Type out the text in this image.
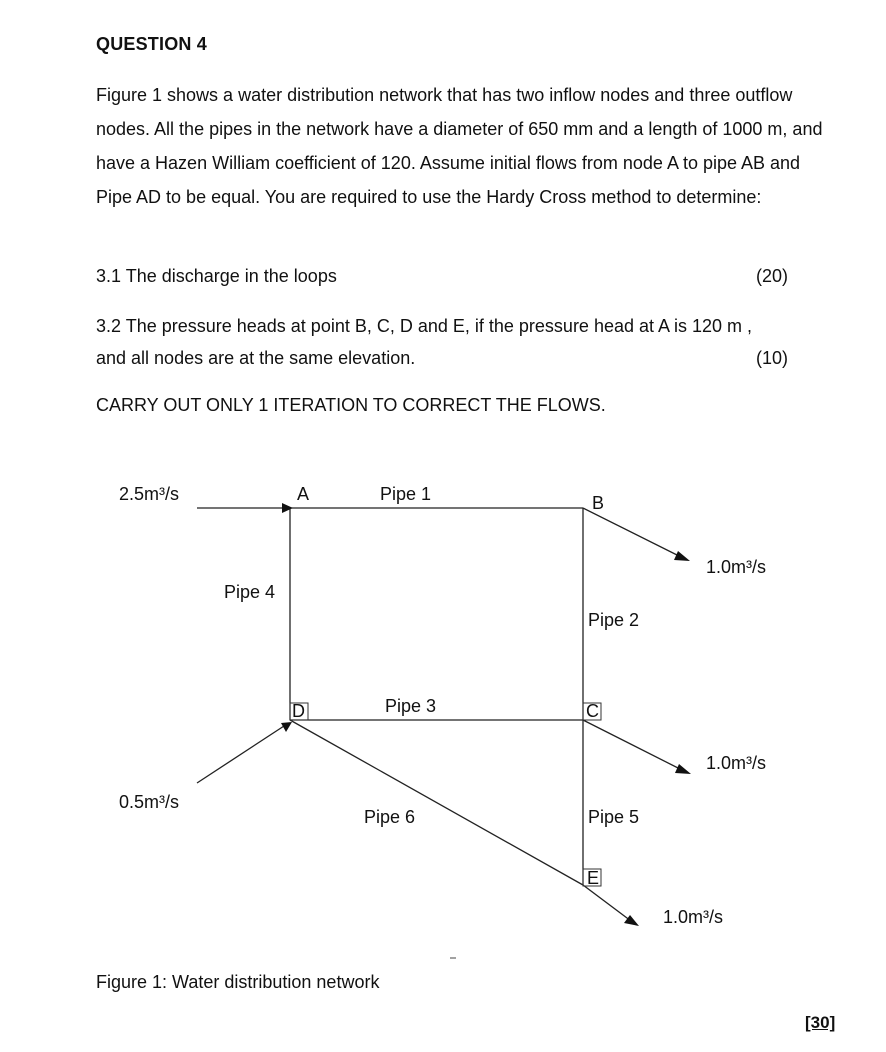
QUESTION 4
Figure 1 shows a water distribution network that has two inflow nodes and three outflow nodes. All the pipes in the network have a diameter of 650 mm and a length of 1000 m, and have a Hazen William coefficient of 120. Assume initial flows from node A to pipe AB and Pipe AD to be equal. You are required to use the Hardy Cross method to determine:
3.1 The discharge in the loops	(20)
3.2 The pressure heads at point B, C, D and E, if the pressure head at A is 120 m ,
and all nodes are at the same elevation.	(10)
CARRY OUT ONLY 1 ITERATION TO CORRECT THE FLOWS.
2.5m³/s	A	Pipe 1	B
1.0m³/s
Pipe 4
Pipe 2
D	Pipe 3	C
1.0m³/s
0.5m³/s
Pipe 6	Pipe 5
E
1.0m³/s
Figure 1: Water distribution network
[30]
